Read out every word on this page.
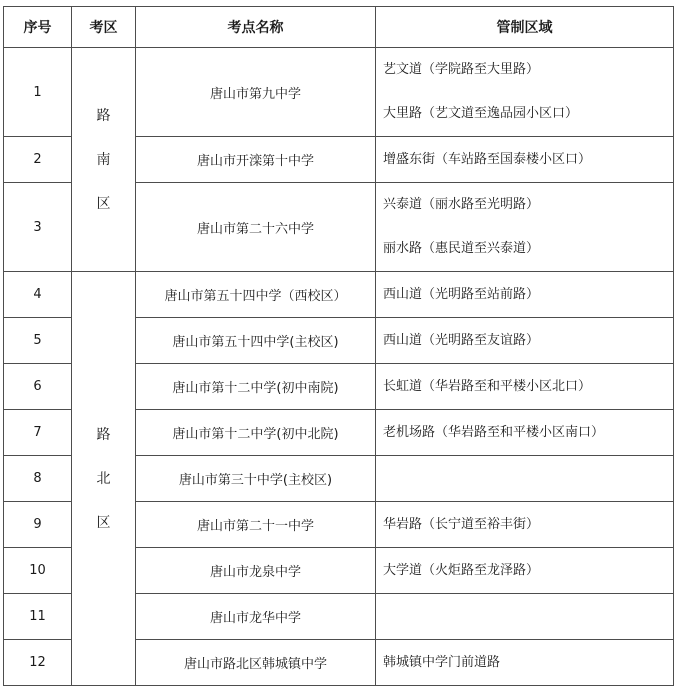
序号	考区	考点名称	管制区域
1	路南区	唐山市第九中学	艺文道（学院路至大里路）
大里路（艺文道至逸品园小区口）

2		唐山市开滦第十中学	增盛东街（车站路至国泰楼小区口）

3		唐山市第二十六中学	兴泰道（丽水路至光明路）
丽水路（惠民道至兴泰道）

4	路北区	唐山市第五十四中学（西校区）	西山道（光明路至站前路）

5		唐山市第五十四中学(主校区)	西山道（光明路至友谊路）

6		唐山市第十二中学(初中南院)	长虹道（华岩路至和平楼小区北口）

7		唐山市第十二中学(初中北院)	老机场路（华岩路至和平楼小区南口）

8		唐山市第三十中学(主校区)	
9		唐山市第二十一中学	华岩路（长宁道至裕丰街）

10		唐山市龙泉中学	大学道（火炬路至龙泽路）

11		唐山市龙华中学	
12		唐山市路北区韩城镇中学	韩城镇中学门前道路
